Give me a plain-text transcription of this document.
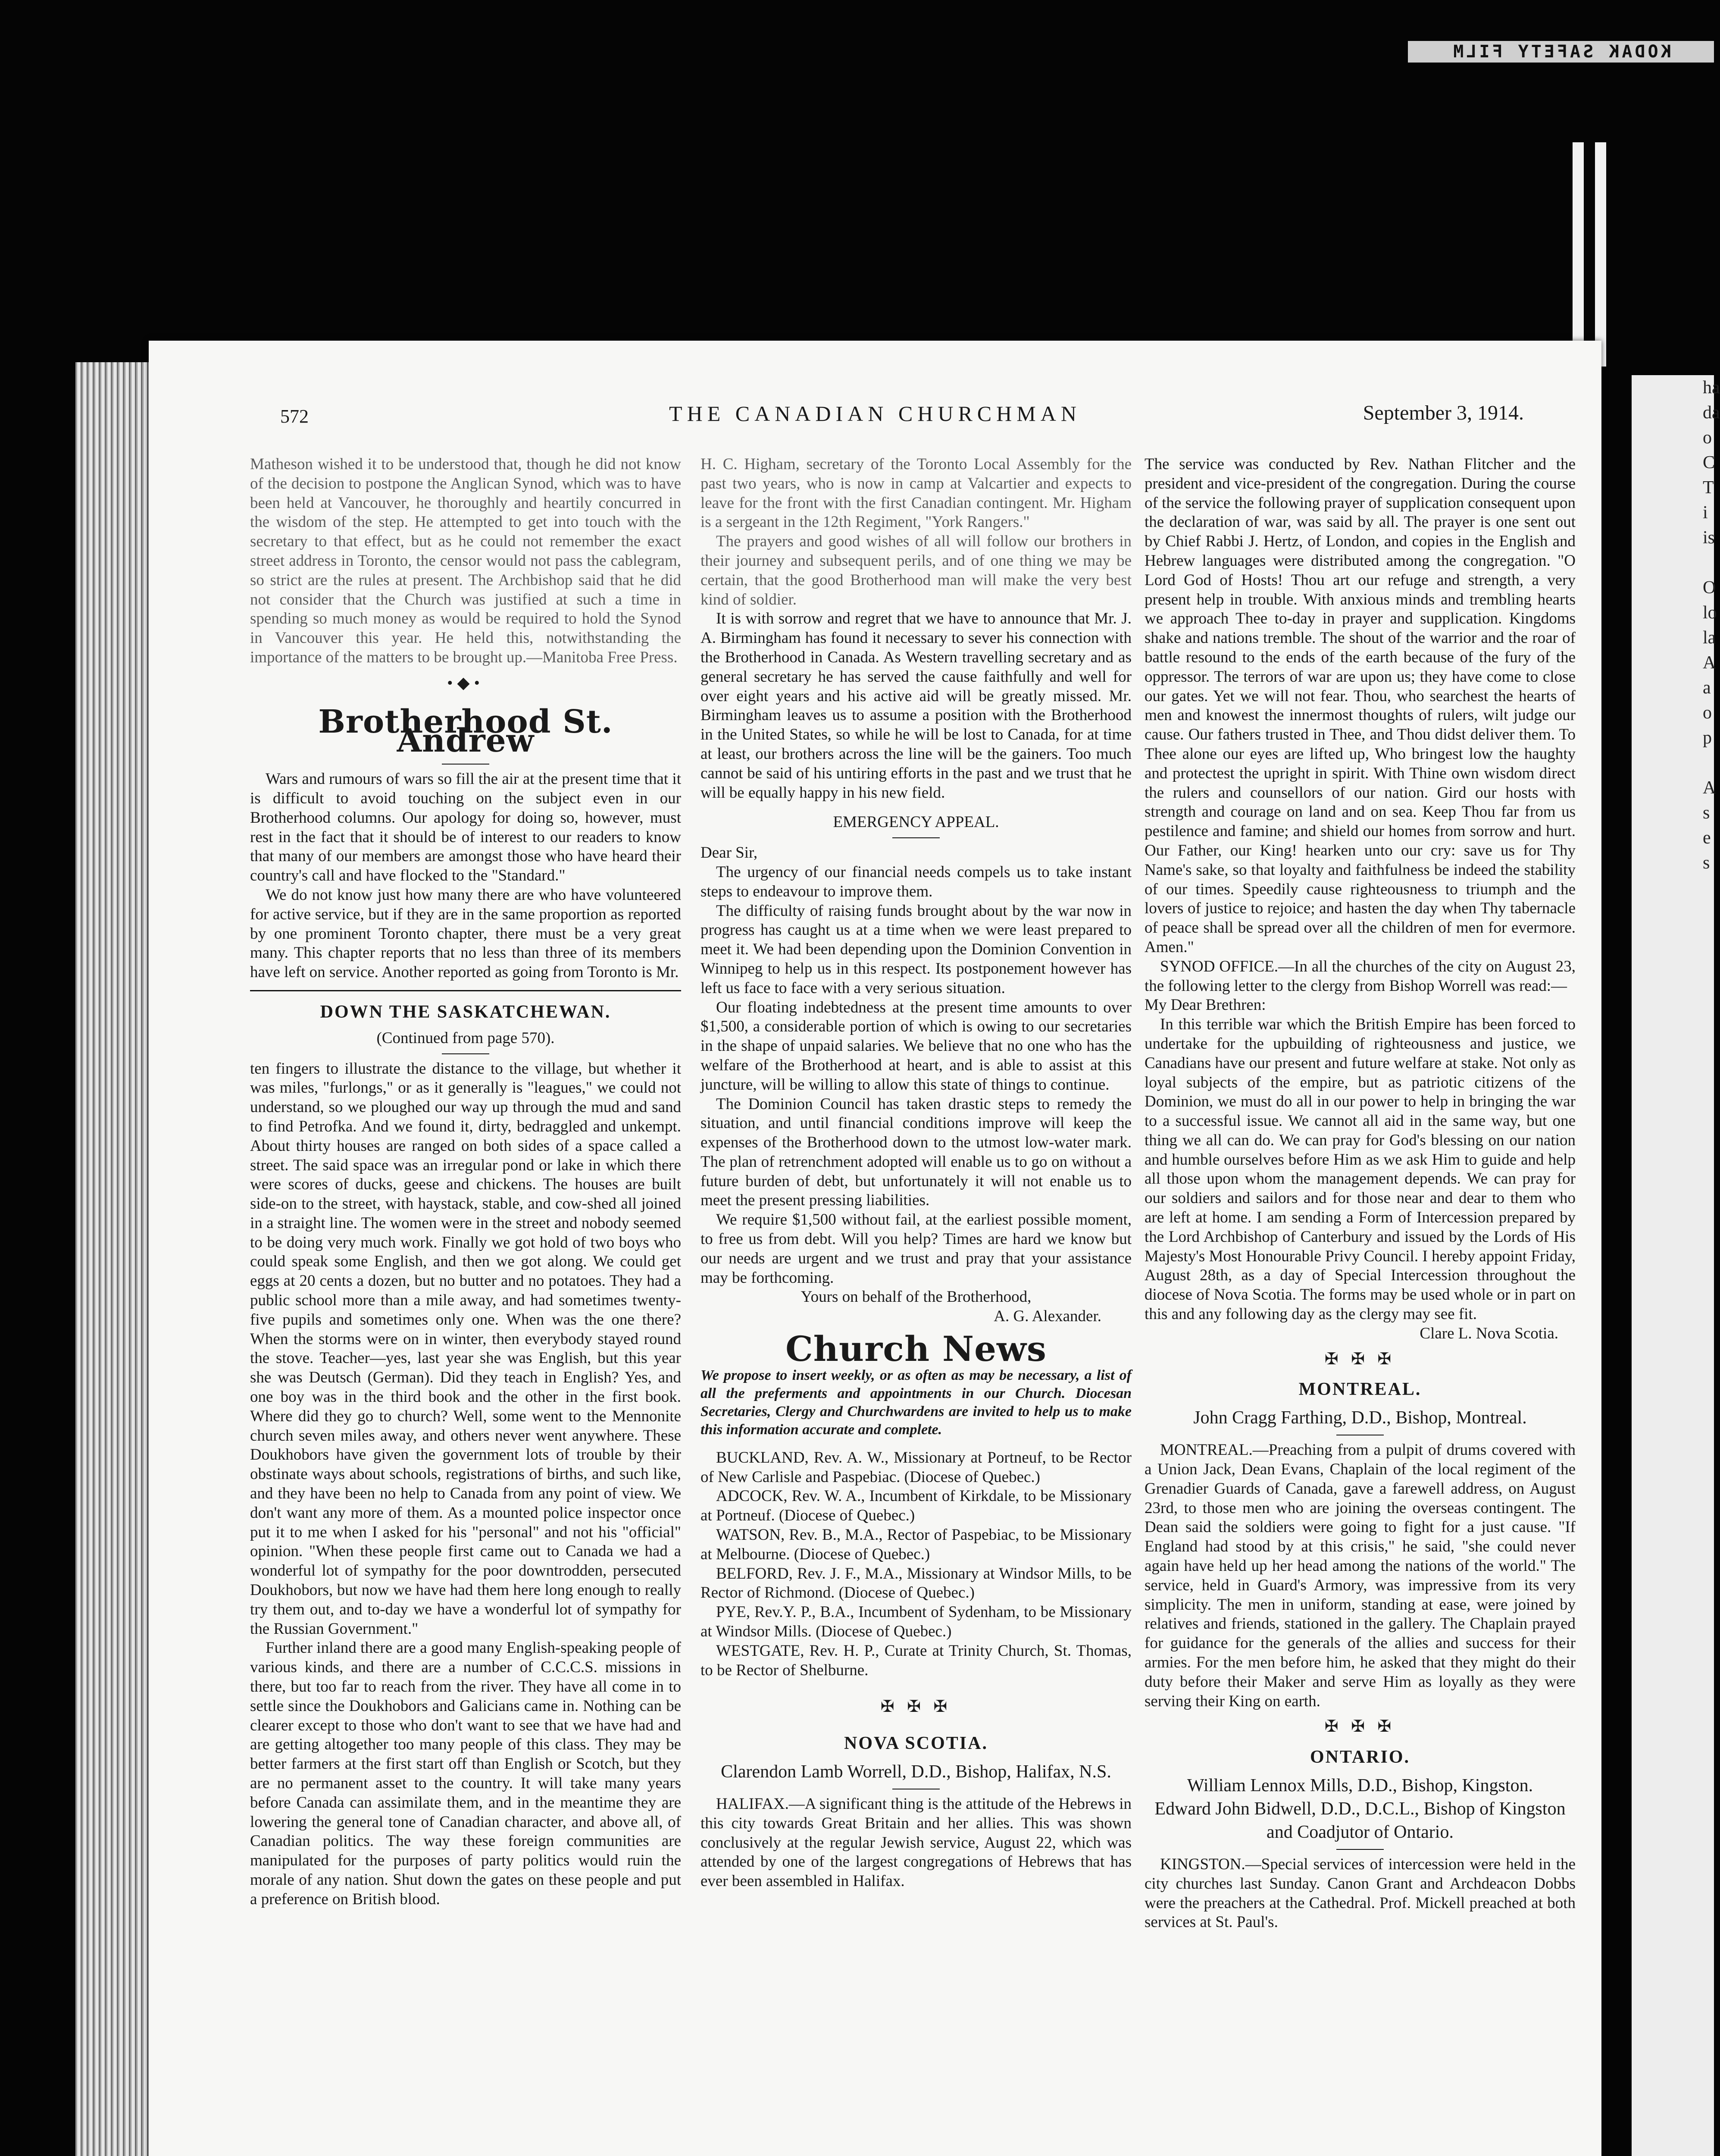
KODAK SAFETY FILM
ha
da
o
C
T
i
is

O
lo
la
A
a
o
p

A
s
e
s
572	THE CANADIAN CHURCHMAN	September 3, 1914.

Matheson wished it to be understood that, though he did not know of the decision to postpone the Anglican Synod, which was to have been held at Vancouver, he thoroughly and heartily concurred in the wisdom of the step. He attempted to get into touch with the secretary to that effect, but as he could not remember the exact street address in Toronto, the censor would not pass the cablegram, so strict are the rules at present. The Archbishop said that he did not consider that the Church was justified at such a time in spending so much money as would be required to hold the Synod in Vancouver this year. He held this, notwithstanding the importance of the matters to be brought up.—Manitoba Free Press.

•◆•
Brotherhood St. Andrew

Wars and rumours of wars so fill the air at the present time that it is difficult to avoid touching on the subject even in our Brotherhood columns. Our apology for doing so, however, must rest in the fact that it should be of interest to our readers to know that many of our members are amongst those who have heard their country's call and have flocked to the "Standard."

We do not know just how many there are who have volunteered for active service, but if they are in the same proportion as reported by one prominent Toronto chapter, there must be a very great many. This chapter reports that no less than three of its members have left on service. Another reported as going from Toronto is Mr.

DOWN THE SASKATCHEWAN.

(Continued from page 570).

ten fingers to illustrate the distance to the village, but whether it was miles, "furlongs," or as it generally is "leagues," we could not understand, so we ploughed our way up through the mud and sand to find Petrofka. And we found it, dirty, bedraggled and unkempt. About thirty houses are ranged on both sides of a space called a street. The said space was an irregular pond or lake in which there were scores of ducks, geese and chickens. The houses are built side-on to the street, with haystack, stable, and cow-shed all joined in a straight line. The women were in the street and nobody seemed to be doing very much work. Finally we got hold of two boys who could speak some English, and then we got along. We could get eggs at 20 cents a dozen, but no butter and no potatoes. They had a public school more than a mile away, and had sometimes twenty-five pupils and sometimes only one. When was the one there? When the storms were on in winter, then everybody stayed round the stove. Teacher—yes, last year she was English, but this year she was Deutsch (German). Did they teach in English? Yes, and one boy was in the third book and the other in the first book. Where did they go to church? Well, some went to the Mennonite church seven miles away, and others never went anywhere. These Doukhobors have given the government lots of trouble by their obstinate ways about schools, registrations of births, and such like, and they have been no help to Canada from any point of view. We don't want any more of them. As a mounted police inspector once put it to me when I asked for his "personal" and not his "official" opinion. "When these people first came out to Canada we had a wonderful lot of sympathy for the poor downtrodden, persecuted Doukhobors, but now we have had them here long enough to really try them out, and to-day we have a wonderful lot of sympathy for the Russian Government."

Further inland there are a good many English-speaking people of various kinds, and there are a number of C.C.C.S. missions in there, but too far to reach from the river. They have all come in to settle since the Doukhobors and Galicians came in. Nothing can be clearer except to those who don't want to see that we have had and are getting altogether too many people of this class. They may be better farmers at the first start off than English or Scotch, but they are no permanent asset to the country. It will take many years before Canada can assimilate them, and in the meantime they are lowering the general tone of Canadian character, and above all, of Canadian politics. The way these foreign communities are manipulated for the purposes of party politics would ruin the morale of any nation. Shut down the gates on these people and put a preference on British blood.

H. C. Higham, secretary of the Toronto Local Assembly for the past two years, who is now in camp at Valcartier and expects to leave for the front with the first Canadian contingent. Mr. Higham is a sergeant in the 12th Regiment, "York Rangers."

The prayers and good wishes of all will follow our brothers in their journey and subsequent perils, and of one thing we may be certain, that the good Brotherhood man will make the very best kind of soldier.

It is with sorrow and regret that we have to announce that Mr. J. A. Birmingham has found it necessary to sever his connection with the Brotherhood in Canada. As Western travelling secretary and as general secretary he has served the cause faithfully and well for over eight years and his active aid will be greatly missed. Mr. Birmingham leaves us to assume a position with the Brotherhood in the United States, so while he will be lost to Canada, for at time at least, our brothers across the line will be the gainers. Too much cannot be said of his untiring efforts in the past and we trust that he will be equally happy in his new field.

EMERGENCY APPEAL.

Dear Sir,

The urgency of our financial needs compels us to take instant steps to endeavour to improve them.

The difficulty of raising funds brought about by the war now in progress has caught us at a time when we were least prepared to meet it. We had been depending upon the Dominion Convention in Winnipeg to help us in this respect. Its postponement however has left us face to face with a very serious situation.

Our floating indebtedness at the present time amounts to over $1,500, a considerable portion of which is owing to our secretaries in the shape of unpaid salaries. We believe that no one who has the welfare of the Brotherhood at heart, and is able to assist at this juncture, will be willing to allow this state of things to continue.

The Dominion Council has taken drastic steps to remedy the situation, and until financial conditions improve will keep the expenses of the Brotherhood down to the utmost low-water mark. The plan of retrenchment adopted will enable us to go on without a future burden of debt, but unfortunately it will not enable us to meet the present pressing liabilities.

We require $1,500 without fail, at the earliest possible moment, to free us from debt. Will you help? Times are hard we know but our needs are urgent and we trust and pray that your assistance may be forthcoming.

Yours on behalf of the Brotherhood,

A. G. Alexander.

Church News

We propose to insert weekly, or as often as may be necessary, a list of all the preferments and appointments in our Church. Diocesan Secretaries, Clergy and Churchwardens are invited to help us to make this information accurate and complete.

BUCKLAND, Rev. A. W., Missionary at Portneuf, to be Rector of New Carlisle and Paspebiac. (Diocese of Quebec.)

ADCOCK, Rev. W. A., Incumbent of Kirkdale, to be Missionary at Portneuf. (Diocese of Quebec.)

WATSON, Rev. B., M.A., Rector of Paspebiac, to be Missionary at Melbourne. (Diocese of Quebec.)

BELFORD, Rev. J. F., M.A., Missionary at Windsor Mills, to be Rector of Richmond. (Diocese of Quebec.)

PYE, Rev.Y. P., B.A., Incumbent of Sydenham, to be Missionary at Windsor Mills. (Diocese of Quebec.)

WESTGATE, Rev. H. P., Curate at Trinity Church, St. Thomas, to be Rector of Shelburne.

✠ ✠ ✠
NOVA SCOTIA.

Clarendon Lamb Worrell, D.D., Bishop, Halifax, N.S.

HALIFAX.—A significant thing is the attitude of the Hebrews in this city towards Great Britain and her allies. This was shown conclusively at the regular Jewish service, August 22, which was attended by one of the largest congregations of Hebrews that has ever been assembled in Halifax.

The service was conducted by Rev. Nathan Flitcher and the president and vice-president of the congregation. During the course of the service the following prayer of supplication consequent upon the declaration of war, was said by all. The prayer is one sent out by Chief Rabbi J. Hertz, of London, and copies in the English and Hebrew languages were distributed among the congregation. "O Lord God of Hosts! Thou art our refuge and strength, a very present help in trouble. With anxious minds and trembling hearts we approach Thee to-day in prayer and supplication. Kingdoms shake and nations tremble. The shout of the warrior and the roar of battle resound to the ends of the earth because of the fury of the oppressor. The terrors of war are upon us; they have come to close our gates. Yet we will not fear. Thou, who searchest the hearts of men and knowest the innermost thoughts of rulers, wilt judge our cause. Our fathers trusted in Thee, and Thou didst deliver them. To Thee alone our eyes are lifted up, Who bringest low the haughty and protectest the upright in spirit. With Thine own wisdom direct the rulers and counsellors of our nation. Gird our hosts with strength and courage on land and on sea. Keep Thou far from us pestilence and famine; and shield our homes from sorrow and hurt. Our Father, our King! hearken unto our cry: save us for Thy Name's sake, so that loyalty and faithfulness be indeed the stability of our times. Speedily cause righteousness to triumph and the lovers of justice to rejoice; and hasten the day when Thy tabernacle of peace shall be spread over all the children of men for evermore. Amen."

SYNOD OFFICE.—In all the churches of the city on August 23, the following letter to the clergy from Bishop Worrell was read:—

My Dear Brethren:

In this terrible war which the British Empire has been forced to undertake for the upbuilding of righteousness and justice, we Canadians have our present and future welfare at stake. Not only as loyal subjects of the empire, but as patriotic citizens of the Dominion, we must do all in our power to help in bringing the war to a successful issue. We cannot all aid in the same way, but one thing we all can do. We can pray for God's blessing on our nation and humble ourselves before Him as we ask Him to guide and help all those upon whom the management depends. We can pray for our soldiers and sailors and for those near and dear to them who are left at home. I am sending a Form of Intercession prepared by the Lord Archbishop of Canterbury and issued by the Lords of His Majesty's Most Honourable Privy Council. I hereby appoint Friday, August 28th, as a day of Special Intercession throughout the diocese of Nova Scotia. The forms may be used whole or in part on this and any following day as the clergy may see fit.

Clare L. Nova Scotia.

✠ ✠ ✠
MONTREAL.

John Cragg Farthing, D.D., Bishop, Montreal.

MONTREAL.—Preaching from a pulpit of drums covered with a Union Jack, Dean Evans, Chaplain of the local regiment of the Grenadier Guards of Canada, gave a farewell address, on August 23rd, to those men who are joining the overseas contingent. The Dean said the soldiers were going to fight for a just cause. "If England had stood by at this crisis," he said, "she could never again have held up her head among the nations of the world." The service, held in Guard's Armory, was impressive from its very simplicity. The men in uniform, standing at ease, were joined by relatives and friends, stationed in the gallery. The Chaplain prayed for guidance for the generals of the allies and success for their armies. For the men before him, he asked that they might do their duty before their Maker and serve Him as loyally as they were serving their King on earth.

✠ ✠ ✠
ONTARIO.

William Lennox Mills, D.D., Bishop, Kingston.

Edward John Bidwell, D.D., D.C.L., Bishop of Kingston and Coadjutor of Ontario.

KINGSTON.—Special services of intercession were held in the city churches last Sunday. Canon Grant and Archdeacon Dobbs were the preachers at the Cathedral. Prof. Mickell preached at both services at St. Paul's.
